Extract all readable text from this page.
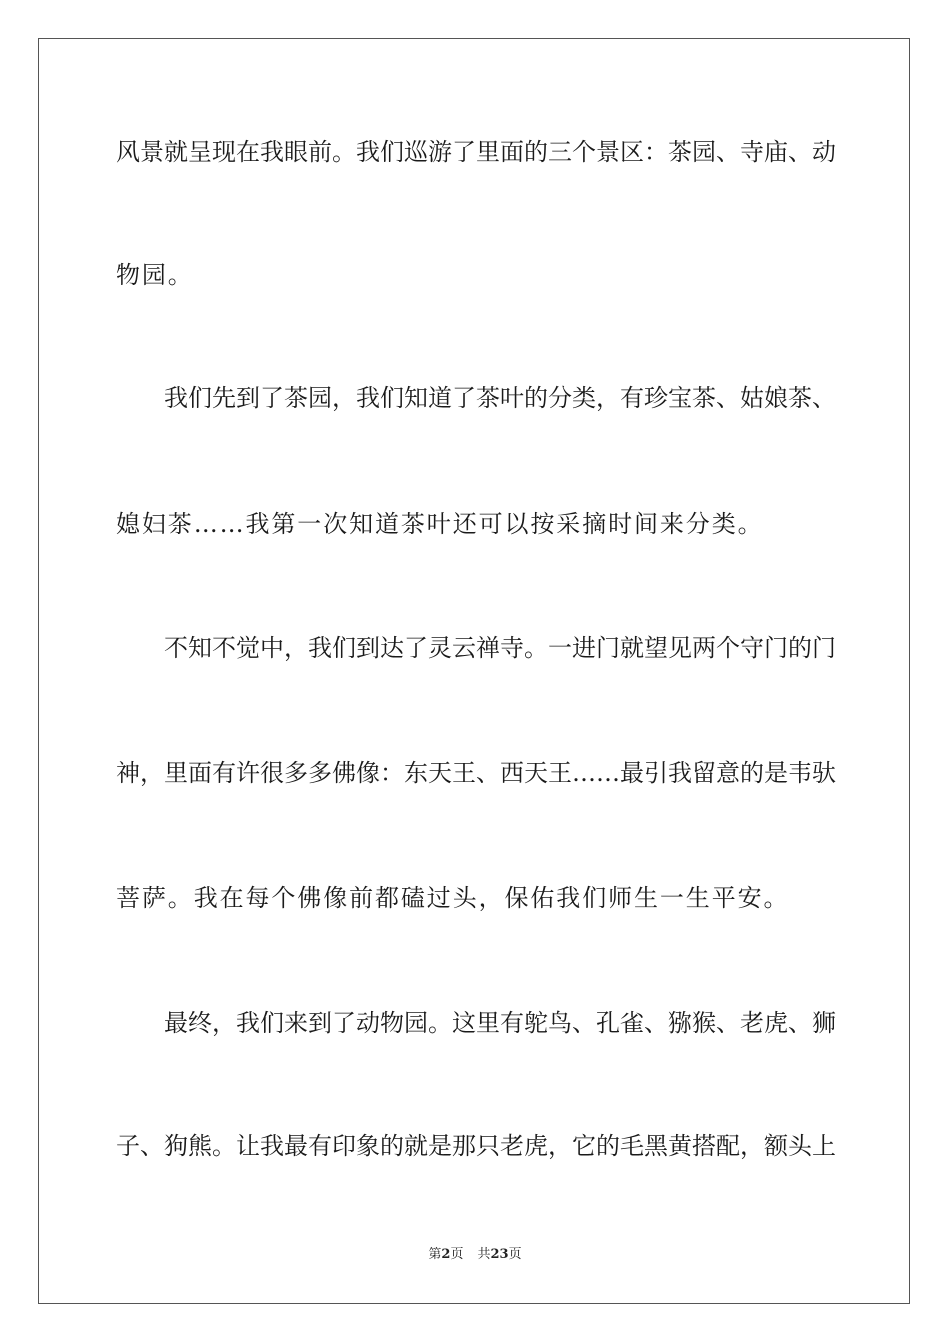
风景就呈现在我眼前。我们巡游了里面的三个景区：茶园、寺庙、动
物园。
我们先到了茶园，我们知道了茶叶的分类，有珍宝茶、姑娘茶、
媳妇茶……我第一次知道茶叶还可以按采摘时间来分类。
不知不觉中，我们到达了灵云禅寺。一进门就望见两个守门的门
神，里面有许很多多佛像：东天王、西天王……最引我留意的是韦驮
菩萨。我在每个佛像前都磕过头，保佑我们师生一生平安。
最终，我们来到了动物园。这里有鸵鸟、孔雀、猕猴、老虎、狮
子、狗熊。让我最有印象的就是那只老虎，它的毛黑黄搭配，额头上
第2页 共23页
